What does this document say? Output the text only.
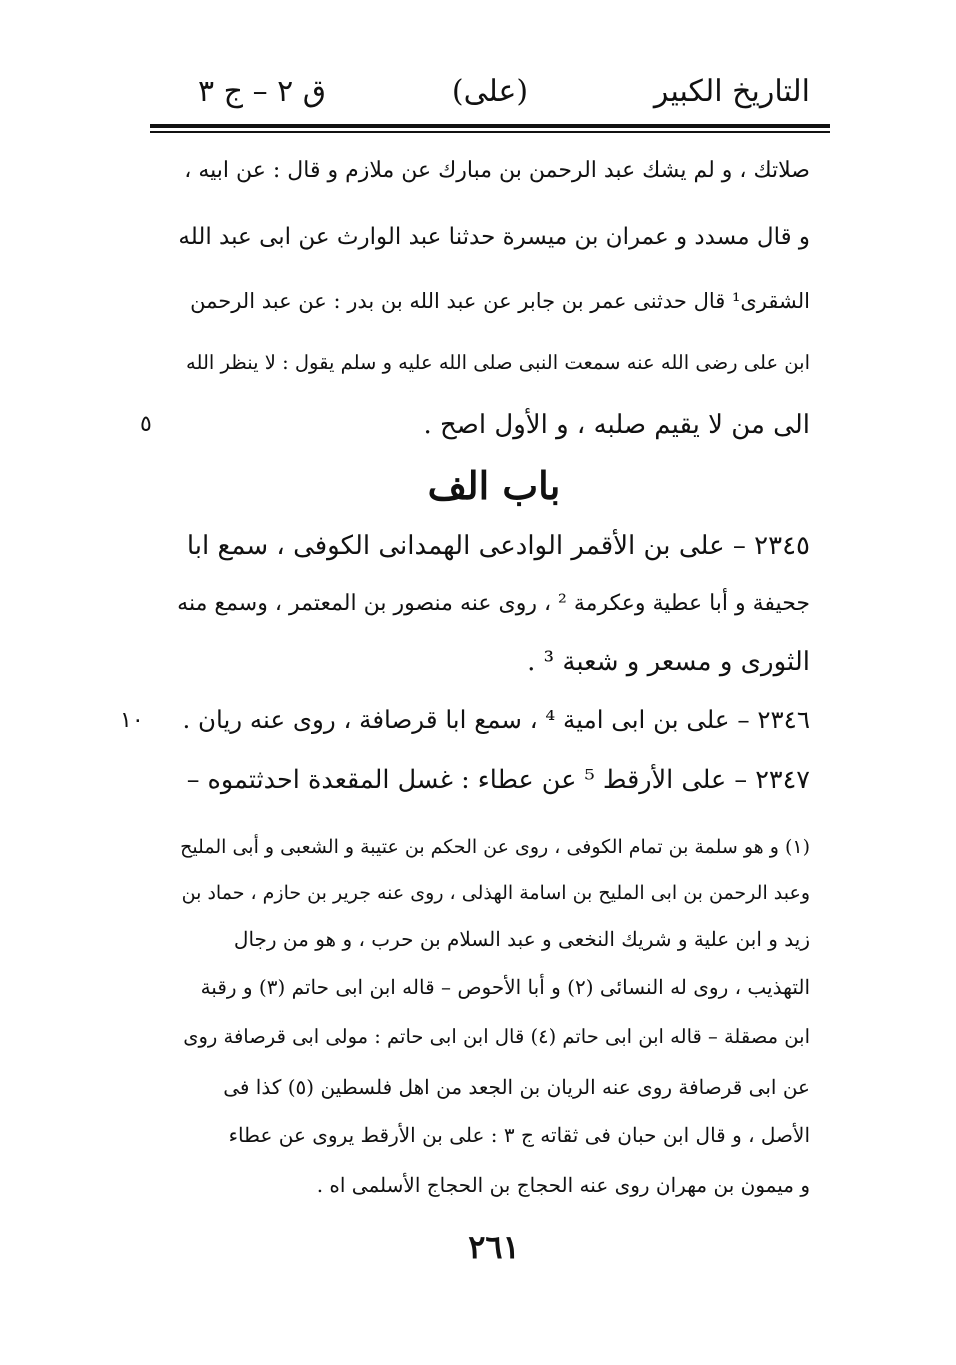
التاريخ الكبير
(على)
ق ٢ – ج ٣
صلاتك ، و لم يشك عبد الرحمن بن مبارك عن ملازم و قال : عن ابيه ،
و قال مسدد و عمران بن ميسرة حدثنا عبد الوارث عن ابى عبد الله
الشقرى¹ قال حدثنى عمر بن جابر عن عبد الله بن بدر : عن عبد الرحمن
ابن على رضى الله عنه سمعت النبى صلى الله عليه و سلم يقول : لا ينظر الله
الى من لا يقيم صلبه ، و الأول اصح .
٥
باب الف
٢٣٤٥ – على بن الأقمر الوادعى الهمدانى الكوفى ، سمع ابا
جحيفة و أبا عطية وعكرمة ² ، روى عنه منصور بن المعتمر ، وسمع منه
الثورى و مسعر و شعبة ³ .
٢٣٤٦ – على بن ابى امية ⁴ ، سمع ابا قرصافة ، روى عنه ريان .
٢٣٤٧ – على الأرقط ⁵ عن عطاء : غسل المقعدة احدثتموه –
١٠
(١) و هو سلمة بن تمام الكوفى ، روى عن الحكم بن عتيبة و الشعبى و أبى المليح
وعبد الرحمن بن ابى المليح بن اسامة الهذلى ، روى عنه جرير بن حازم ، حماد بن
زيد و ابن علية و شريك النخعى و عبد السلام بن حرب ، و هو من رجال
التهذيب ، روى له النسائى (٢) و أبا الأحوص – قاله ابن ابى حاتم (٣) و رقبة
ابن مصقلة – قاله ابن ابى حاتم (٤) قال ابن ابى حاتم : مولى ابى قرصافة روى
عن ابى قرصافة روى عنه الريان بن الجعد من اهل فلسطين (٥) كذا فى
الأصل ، و قال ابن حبان فى ثقاته ج ٣ : على بن الأرقط يروى عن عطاء
و ميمون بن مهران روى عنه الحجاج بن الحجاج الأسلمى اه .
٢٦١
